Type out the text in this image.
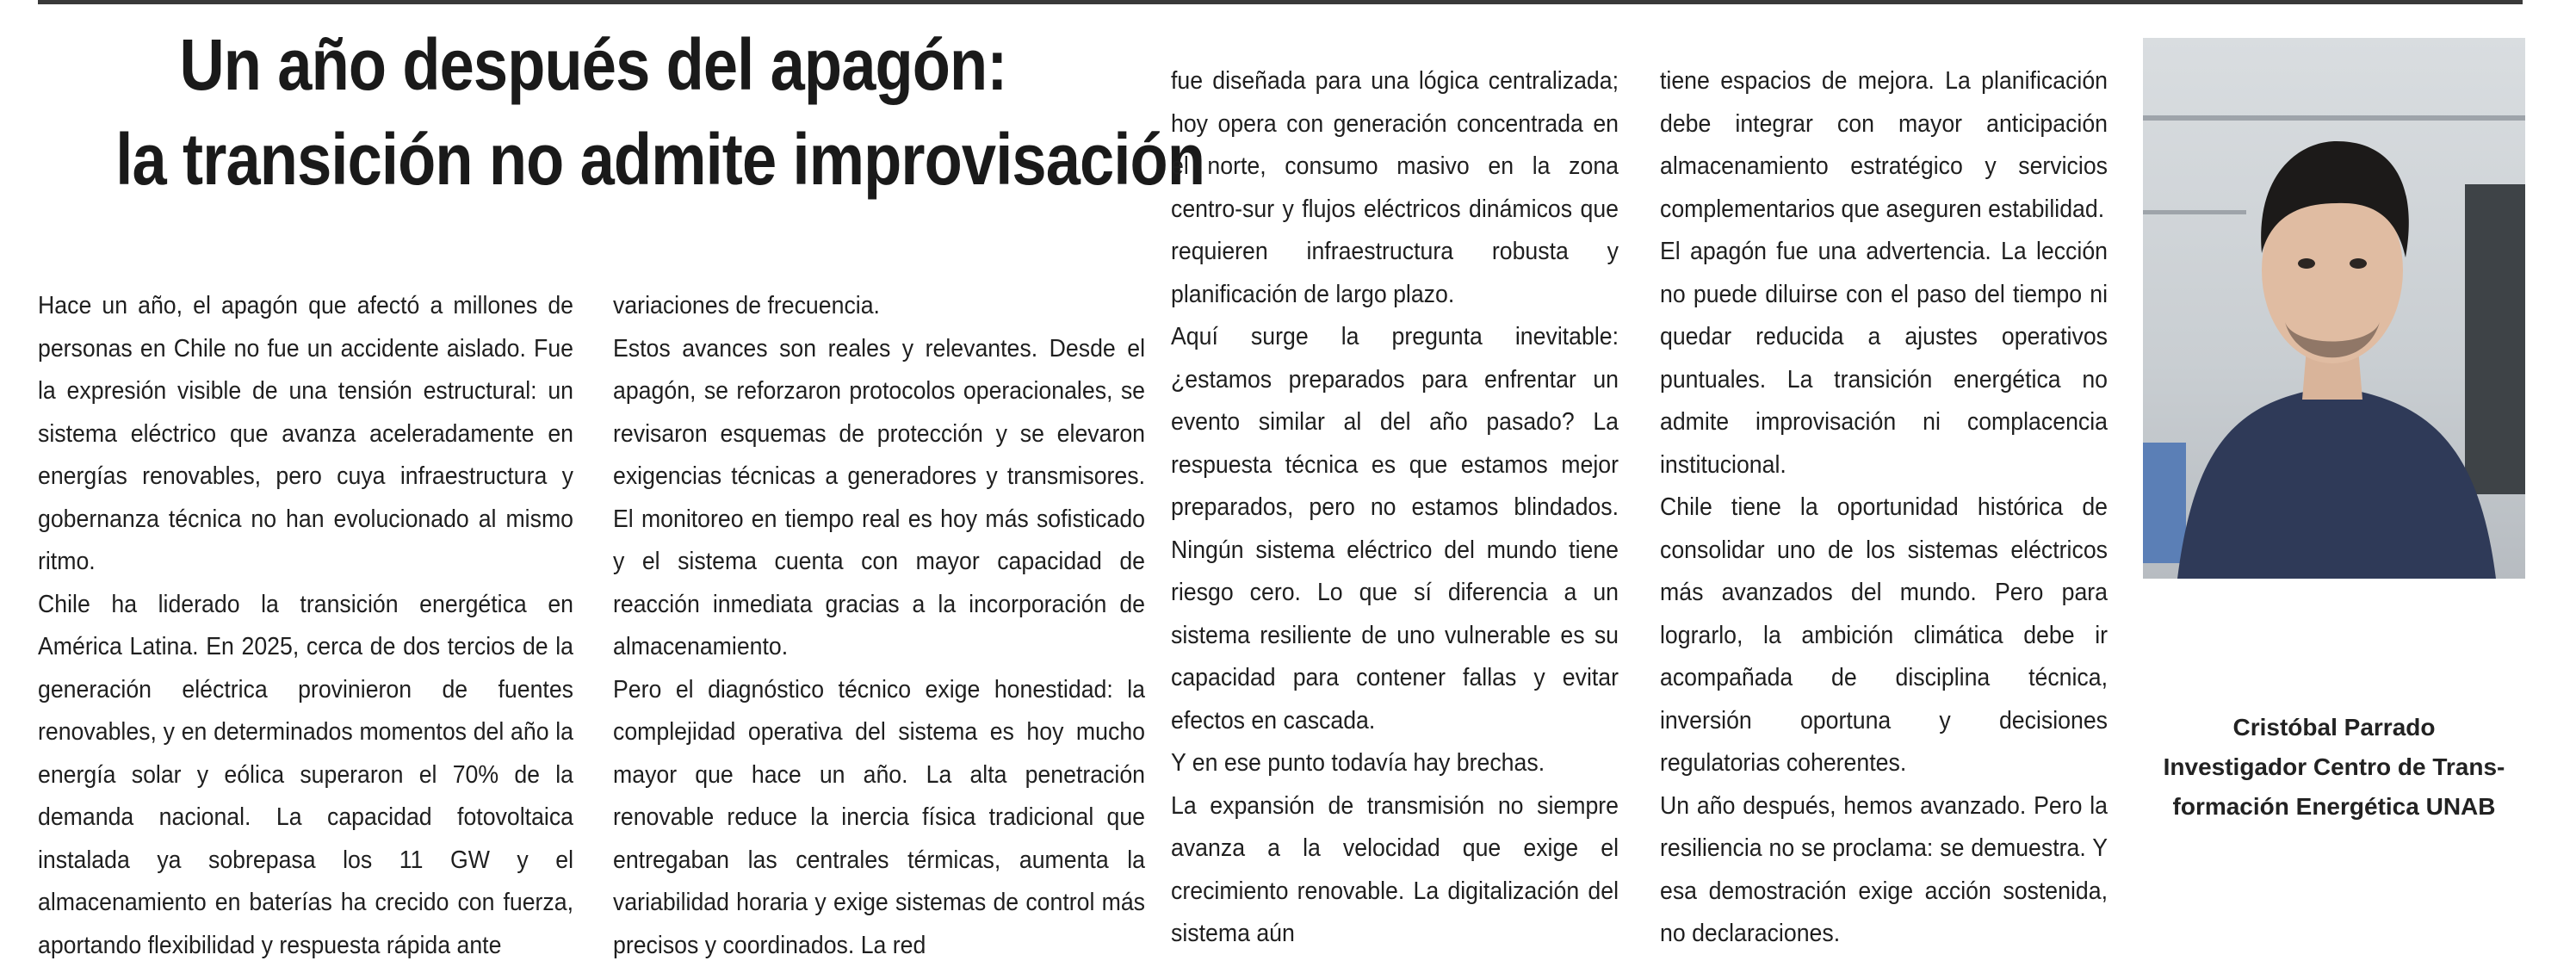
Un año después del apagón:
la transición no admite improvisación

Hace un año, el apagón que afectó a millones de personas en Chile no fue un accidente aislado. Fue la expresión visible de una tensión estructural: un sistema eléctrico que avanza aceleradamente en energías renovables, pero cuya infraestructura y gobernanza técnica no han evolucionado al mismo ritmo.

Chile ha liderado la transición energética en América Latina. En 2025, cerca de dos tercios de la generación eléctrica provinieron de fuentes renovables, y en determinados momentos del año la energía solar y eólica superaron el 70% de la demanda nacional. La capacidad fotovoltaica instalada ya sobrepasa los 11 GW y el almacenamiento en baterías ha crecido con fuerza, aportando flexibilidad y respuesta rápida ante

variaciones de frecuencia.

Estos avances son reales y relevantes. Desde el apagón, se reforzaron protocolos operacionales, se revisaron esquemas de protección y se elevaron exigencias técnicas a generadores y transmisores. El monitoreo en tiempo real es hoy más sofisticado y el sistema cuenta con mayor capacidad de reacción inmediata gracias a la incorporación de almacenamiento.

Pero el diagnóstico técnico exige honestidad: la complejidad operativa del sistema es hoy mucho mayor que hace un año. La alta penetración renovable reduce la inercia física tradicional que entregaban las centrales térmicas, aumenta la variabilidad horaria y exige sistemas de control más precisos y coordinados. La red

fue diseñada para una lógica centralizada; hoy opera con generación concentrada en el norte, consumo masivo en la zona centro-sur y flujos eléctricos dinámicos que requieren infraestructura robusta y planificación de largo plazo.

Aquí surge la pregunta inevitable: ¿estamos preparados para enfrentar un evento similar al del año pasado? La respuesta técnica es que estamos mejor preparados, pero no estamos blindados. Ningún sistema eléctrico del mundo tiene riesgo cero. Lo que sí diferencia a un sistema resiliente de uno vulnerable es su capacidad para contener fallas y evitar efectos en cascada.

Y en ese punto todavía hay brechas.

La expansión de transmisión no siempre avanza a la velocidad que exige el crecimiento renovable. La digitalización del sistema aún

tiene espacios de mejora. La planificación debe integrar con mayor anticipación almacenamiento estratégico y servicios complementarios que aseguren estabilidad.

El apagón fue una advertencia. La lección no puede diluirse con el paso del tiempo ni quedar reducida a ajustes operativos puntuales. La transición energética no admite improvisación ni complacencia institucional.

Chile tiene la oportunidad histórica de consolidar uno de los sistemas eléctricos más avanzados del mundo. Pero para lograrlo, la ambición climática debe ir acompañada de disciplina técnica, inversión oportuna y decisiones regulatorias coherentes.

Un año después, hemos avanzado. Pero la resiliencia no se proclama: se demuestra. Y esa demostración exige acción sostenida, no declaraciones.

Cristóbal Parrado
Investigador Centro de Trans-
formación Energética UNAB
